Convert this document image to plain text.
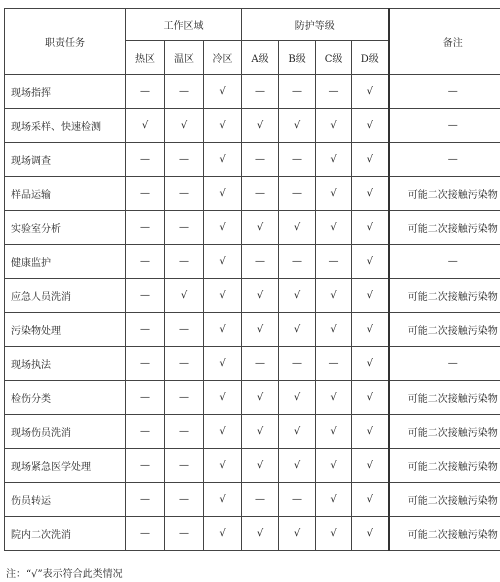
职责任务	工作区域			防护等级				备注
	热区	温区	冷区	A级	B级	C级	D级	
现场指挥	—	—	√	—	—	—	√	—
现场采样、快速检测	√	√	√	√	√	√	√	—
现场调查	—	—	√	—	—	√	√	—
样品运输	—	—	√	—	—	√	√	可能二次接触污染物
实验室分析	—	—	√	√	√	√	√	可能二次接触污染物
健康监护	—	—	√	—	—	—	√	—
应急人员洗消	—	√	√	√	√	√	√	可能二次接触污染物
污染物处理	—	—	√	√	√	√	√	可能二次接触污染物
现场执法	—	—	√	—	—	—	√	—
检伤分类	—	—	√	√	√	√	√	可能二次接触污染物
现场伤员洗消	—	—	√	√	√	√	√	可能二次接触污染物
现场紧急医学处理	—	—	√	√	√	√	√	可能二次接触污染物
伤员转运	—	—	√	—	—	√	√	可能二次接触污染物
院内二次洗消	—	—	√	√	√	√	√	可能二次接触污染物
注：“√”表示符合此类情况
